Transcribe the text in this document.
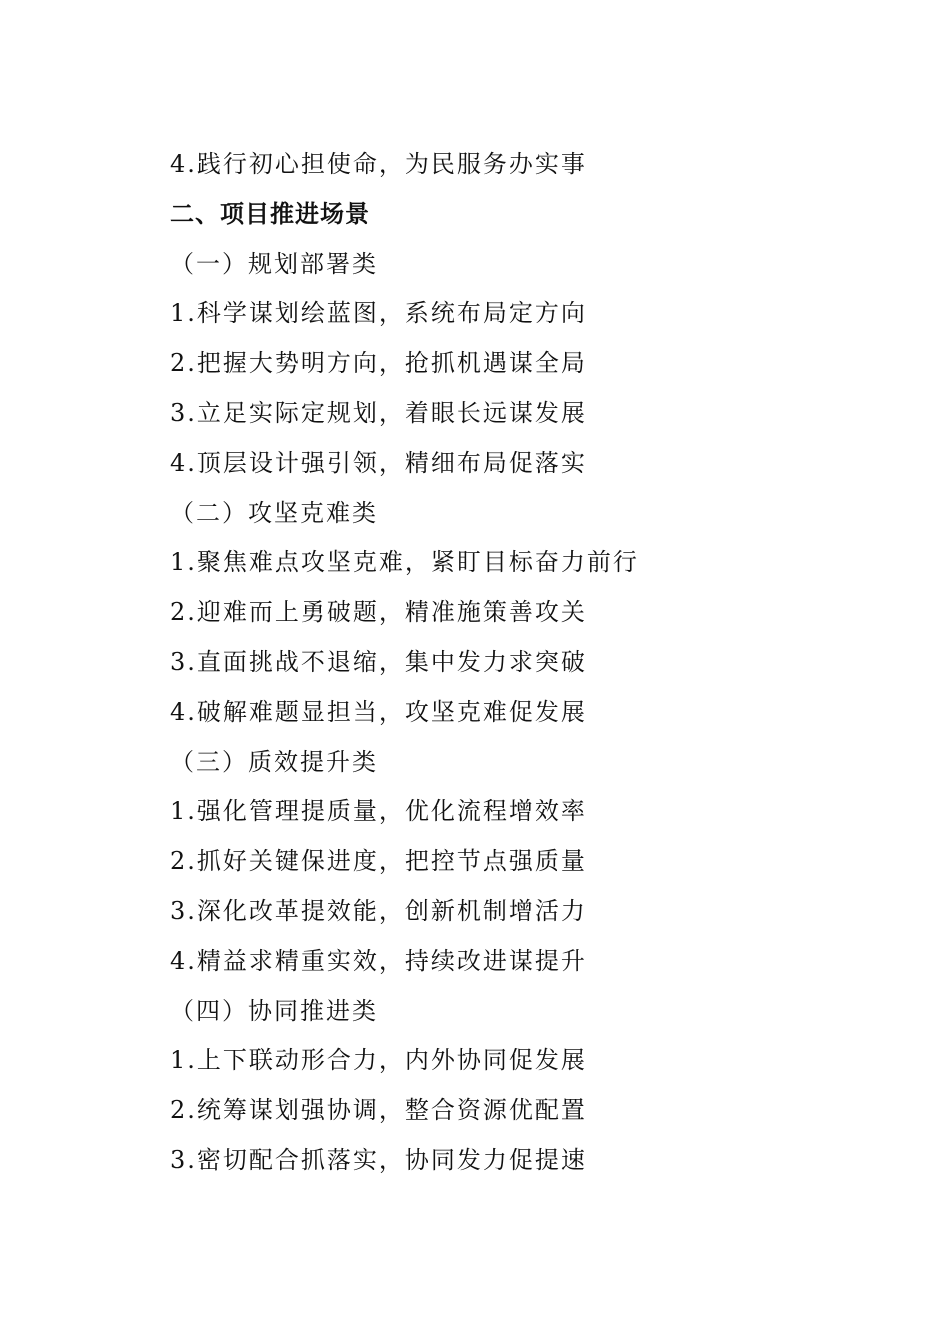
4.践行初心担使命，为民服务办实事
二、项目推进场景
（一）规划部署类
1.科学谋划绘蓝图，系统布局定方向
2.把握大势明方向，抢抓机遇谋全局
3.立足实际定规划，着眼长远谋发展
4.顶层设计强引领，精细布局促落实
（二）攻坚克难类
1.聚焦难点攻坚克难，紧盯目标奋力前行
2.迎难而上勇破题，精准施策善攻关
3.直面挑战不退缩，集中发力求突破
4.破解难题显担当，攻坚克难促发展
（三）质效提升类
1.强化管理提质量，优化流程增效率
2.抓好关键保进度，把控节点强质量
3.深化改革提效能，创新机制增活力
4.精益求精重实效，持续改进谋提升
（四）协同推进类
1.上下联动形合力，内外协同促发展
2.统筹谋划强协调，整合资源优配置
3.密切配合抓落实，协同发力促提速
